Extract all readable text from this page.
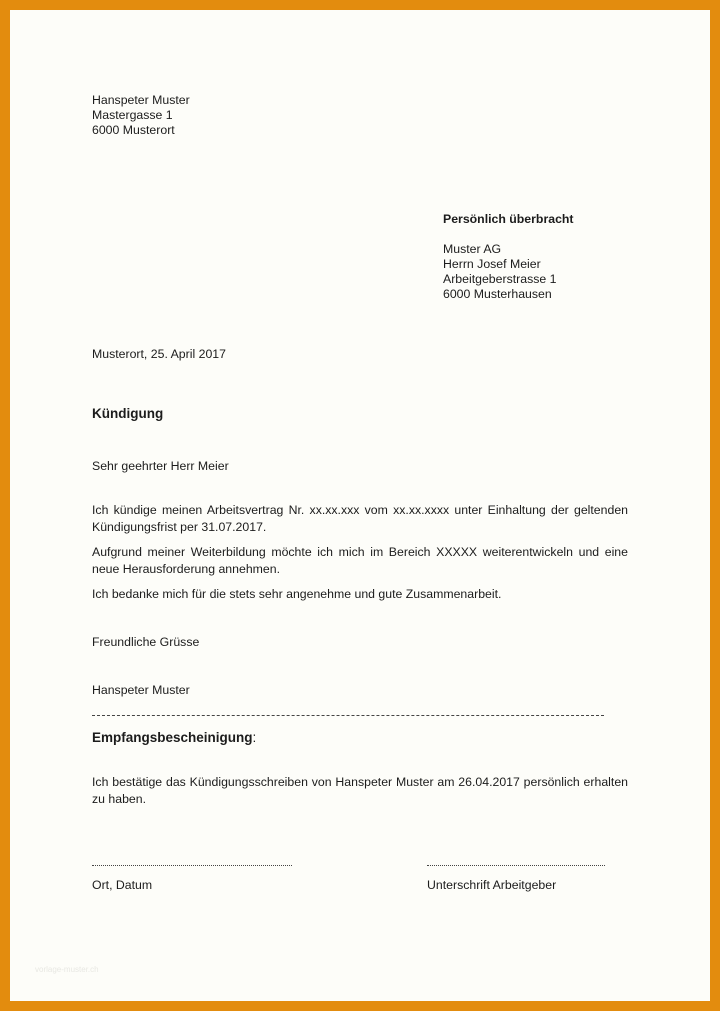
Hanspeter Muster

Mastergasse 1

6000 Musterort

Persönlich überbracht

Muster AG

Herrn Josef Meier

Arbeitgeberstrasse 1

6000 Musterhausen

Musterort, 25. April 2017

Kündigung

Sehr geehrter Herr Meier

Ich kündige meinen Arbeitsvertrag Nr. xx.xx.xxx vom xx.xx.xxxx unter Einhaltung der geltenden Kündigungsfrist per 31.07.2017.

Aufgrund meiner Weiterbildung möchte ich mich im Bereich XXXXX weiterentwickeln und eine neue Herausforderung annehmen.

Ich bedanke mich für die stets sehr angenehme und gute Zusammenarbeit.

Freundliche Grüsse

Hanspeter Muster

Empfangsbescheinigung:

Ich bestätige das Kündigungsschreiben von Hanspeter Muster am 26.04.2017 persönlich erhalten zu haben.

Ort, Datum	Unterschrift Arbeitgeber

vorlage-muster.ch
